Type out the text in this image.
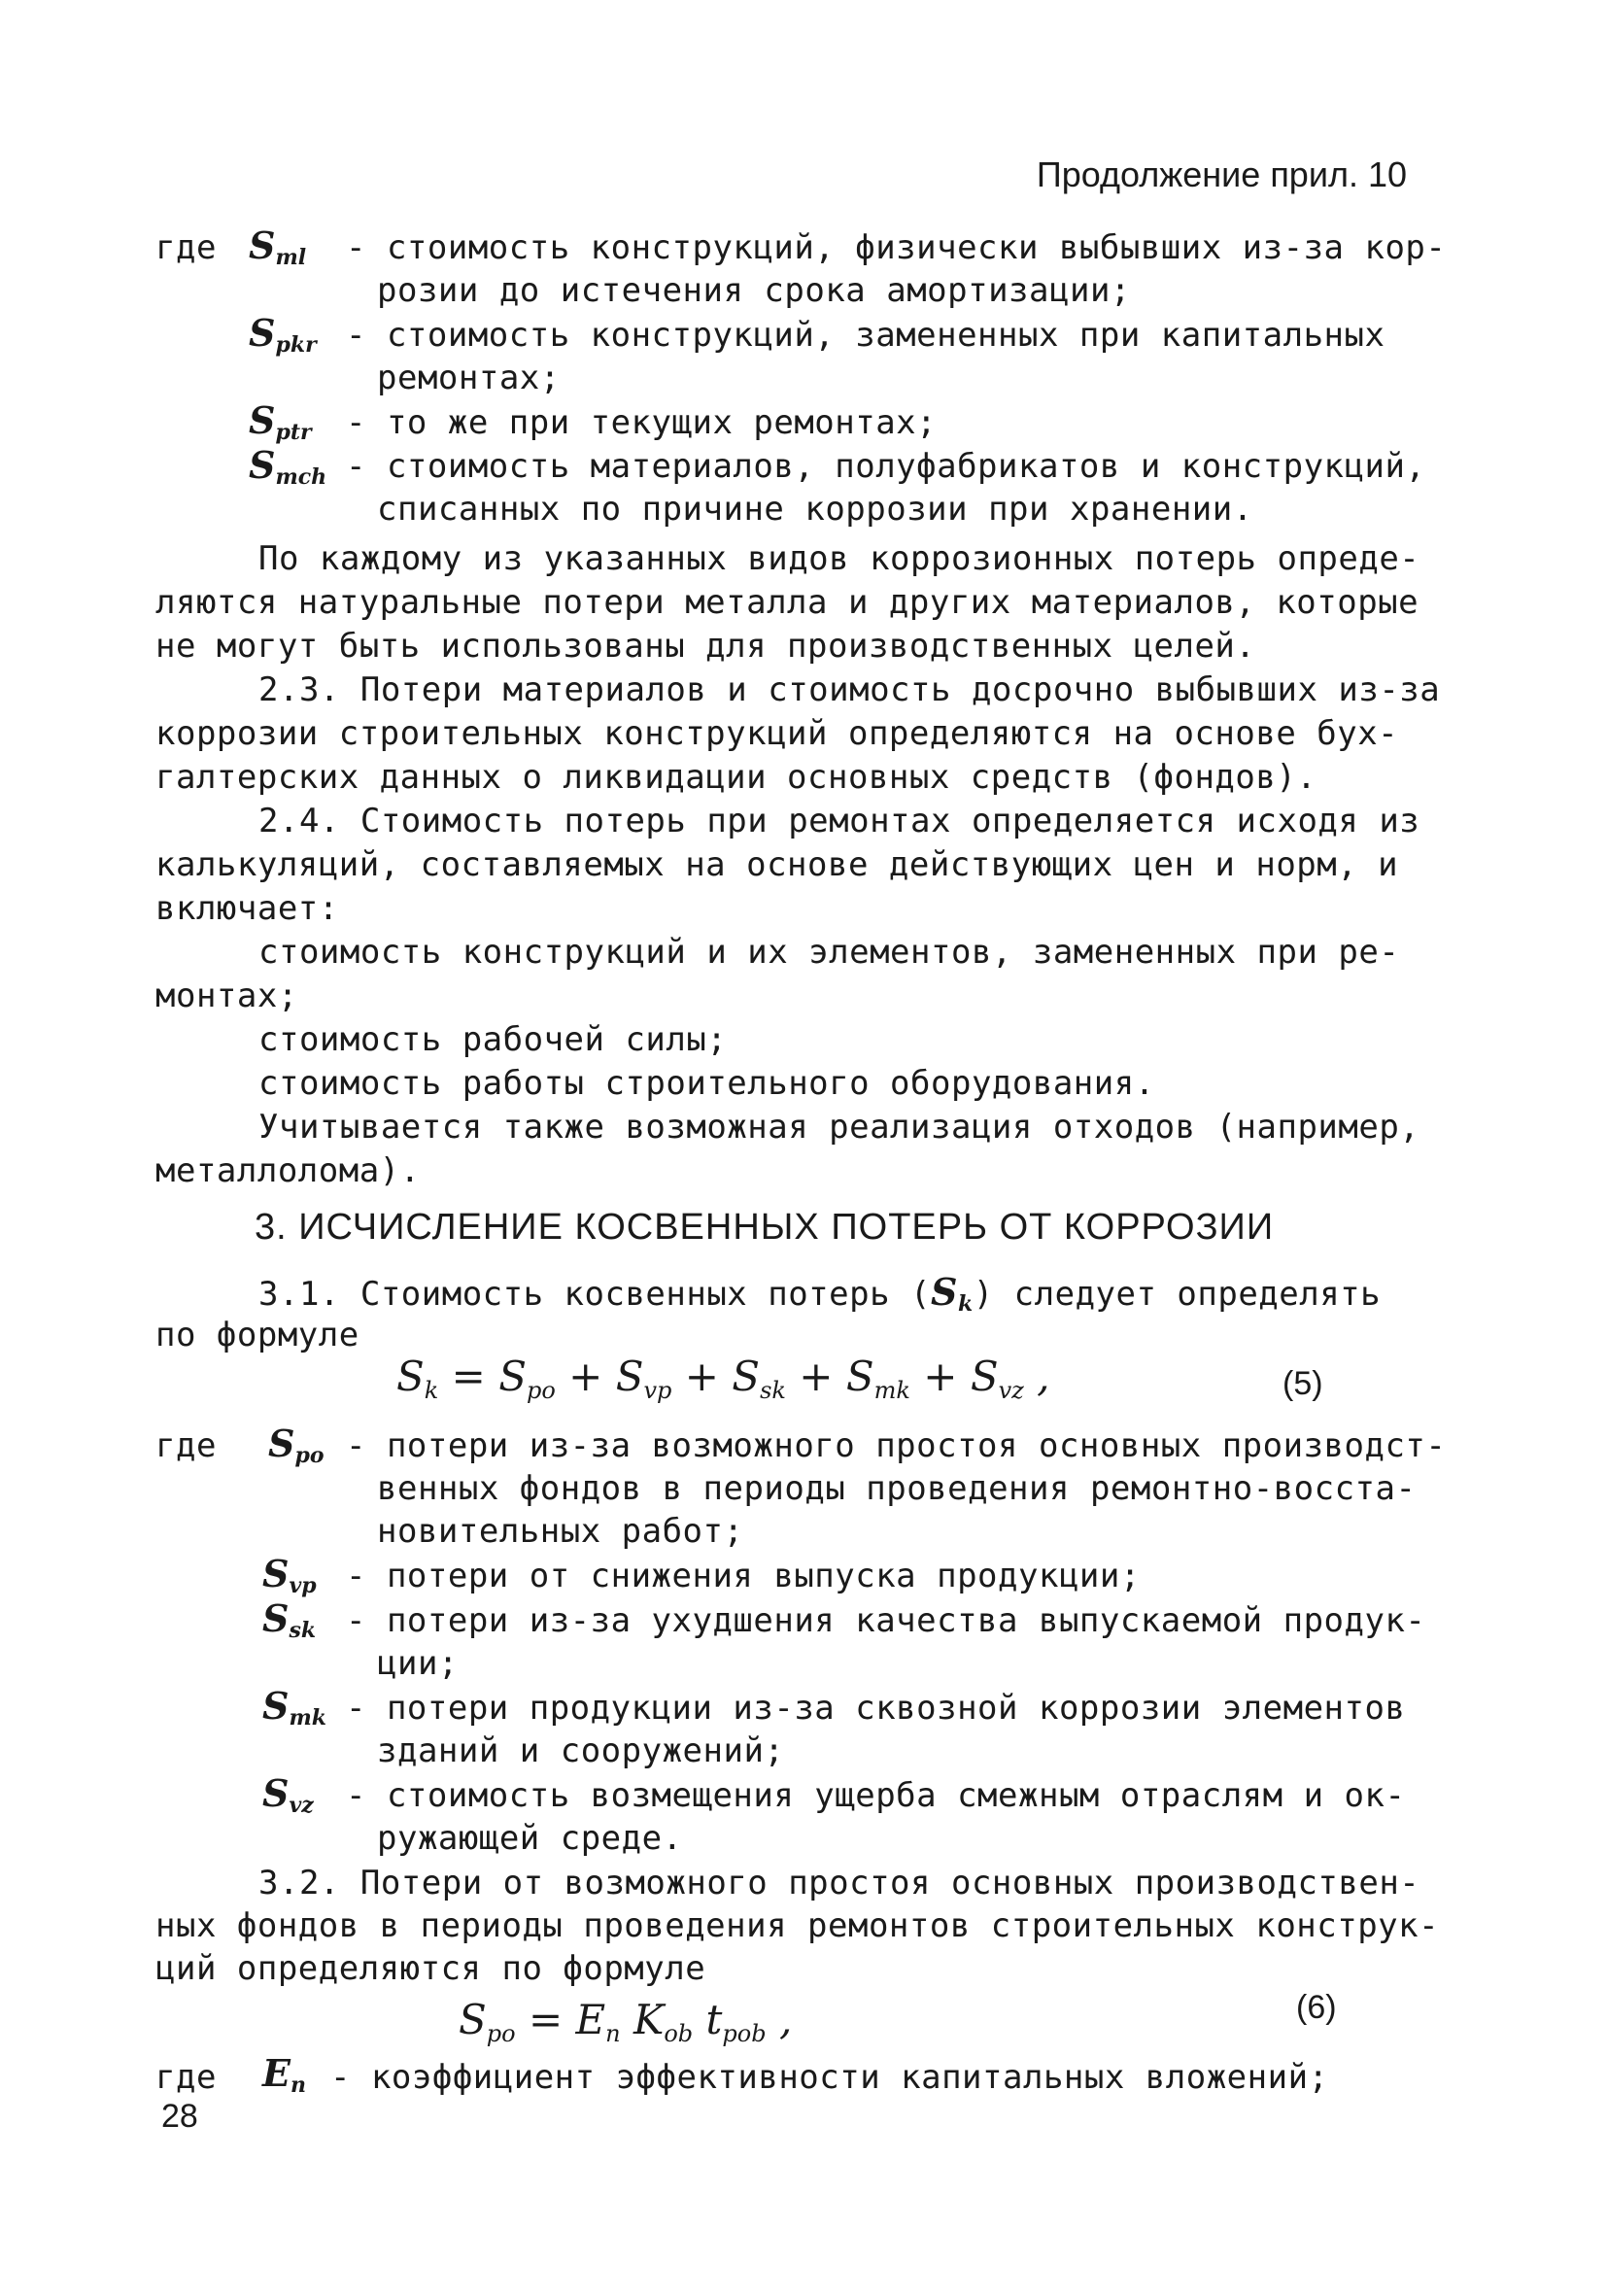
Продолжение прил. 10
где $S_{ml}$ - стоимость конструкций, физически выбывших из-за кор-
розии до истечения срока амортизации;
$S_{pkr}$ - стоимость конструкций, замененных при капитальных
ремонтах;
$S_{ptr}$ - то же при текущих ремонтах;
$S_{mch}$ - стоимость материалов, полуфабрикатов и конструкций,
списанных по причине коррозии при хранении.
По каждому из указанных видов коррозионных потерь опреде-
ляются натуральные потери металла и других материалов, которые
не могут быть использованы для производственных целей.
2.3. Потери материалов и стоимость досрочно выбывших из-за
коррозии строительных конструкций определяются на основе бух-
галтерских данных о ликвидации основных средств (фондов).
2.4. Стоимость потерь при ремонтах определяется исходя из
калькуляций, составляемых на основе действующих цен и норм, и
включает:
стоимость конструкций и их элементов, замененных при ре-
монтах;
стоимость рабочей силы;
стоимость работы строительного оборудования.
Учитывается также возможная реализация отходов (например,
металлолома).
3. ИСЧИСЛЕНИЕ КОСВЕННЫХ ПОТЕРЬ ОТ КОРРОЗИИ
3.1. Стоимость косвенных потерь $(S_k)$ следует определять
по формуле
$S_k = S_{po} + S_{vp} + S_{sk} + S_{mk} + S_{vz}$ ,	(5)
где $S_{po}$ - потери из-за возможного простоя основных производст-
венных фондов в периоды проведения ремонтно-восста-
новительных работ;
$S_{vp}$ - потери от снижения выпуска продукции;
$S_{sk}$ - потери из-за ухудшения качества выпускаемой продук-
ции;
$S_{mk}$ - потери продукции из-за сквозной коррозии элементов
зданий и сооружений;
$S_{vz}$ - стоимость возмещения ущерба смежным отраслям и ок-
ружающей среде.
3.2. Потери от возможного простоя основных производствен-
ных фондов в периоды проведения ремонтов строительных конструк-
ций определяются по формуле
$S_{po} = E_n$ $K_{ob}$ $t_{pob}$ ,	(6)
где $E_n$ - коэффициент эффективности капитальных вложений;
28
